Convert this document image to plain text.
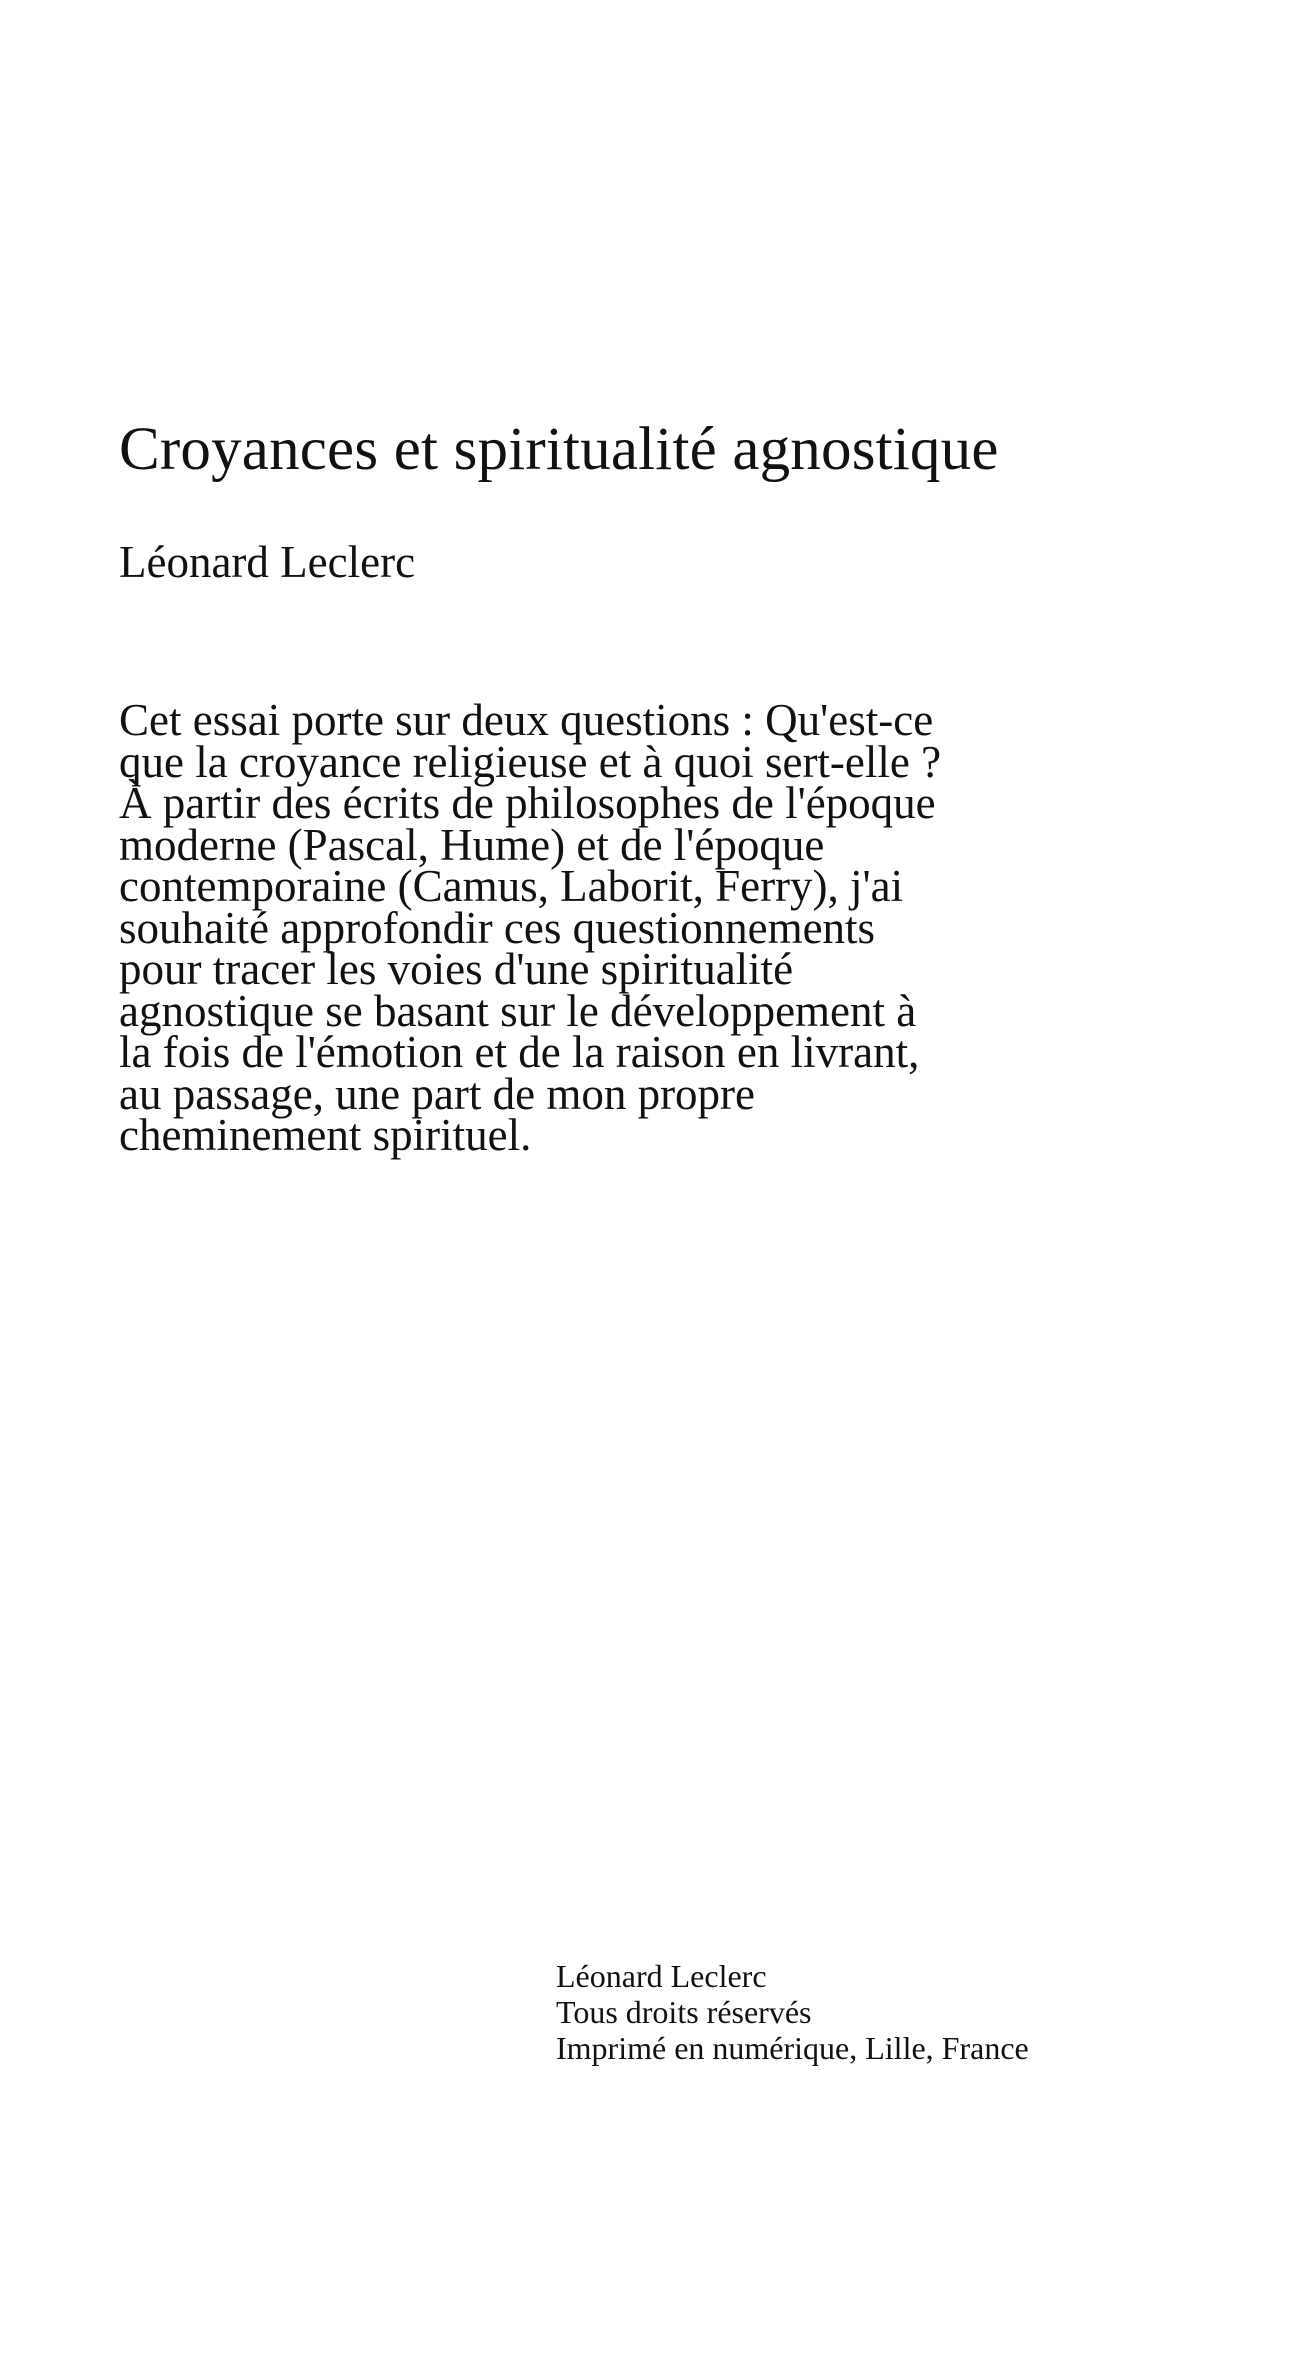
Croyances et spiritualité agnostique
Léonard Leclerc

Cet essai porte sur deux questions : Qu'est-ce que la croyance religieuse et à quoi sert-elle ? À partir des écrits de philosophes de l'époque moderne (Pascal, Hume) et de l'époque contemporaine (Camus, Laborit, Ferry), j'ai souhaité approfondir ces questionnements pour tracer les voies d'une spiritualité agnostique se basant sur le développement à la fois de l'émotion et de la raison en livrant, au passage, une part de mon propre cheminement spirituel.

Léonard Leclerc
Tous droits réservés
Imprimé en numérique, Lille, France
